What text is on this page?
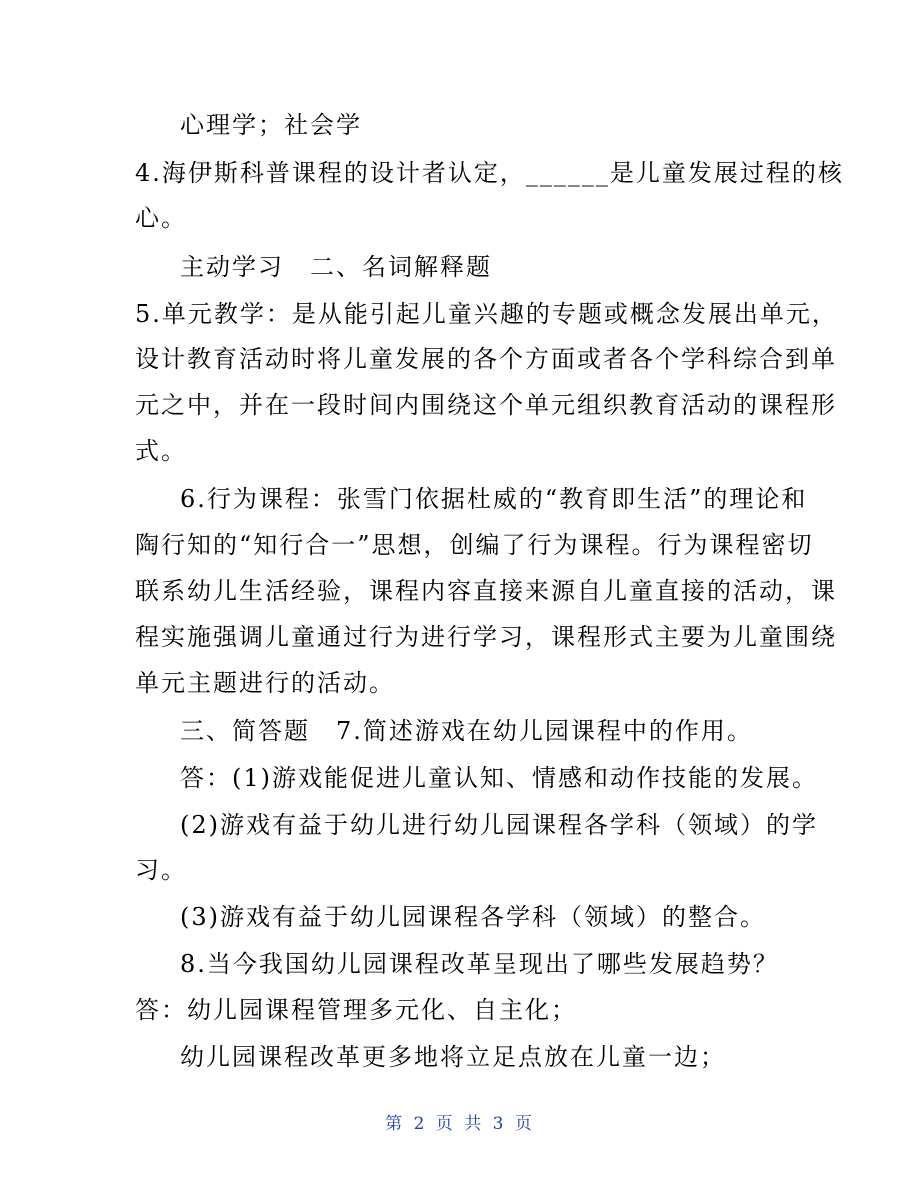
心理学；社会学

4.海伊斯科普课程的设计者认定，______是儿童发展过程的核

心。

主动学习　二、名词解释题

5.单元教学：是从能引起儿童兴趣的专题或概念发展出单元，

设计教育活动时将儿童发展的各个方面或者各个学科综合到单

元之中，并在一段时间内围绕这个单元组织教育活动的课程形

式。

6.行为课程：张雪门依据杜威的“教育即生活”的理论和

陶行知的“知行合一”思想，创编了行为课程。行为课程密切

联系幼儿生活经验，课程内容直接来源自儿童直接的活动，课

程实施强调儿童通过行为进行学习，课程形式主要为儿童围绕

单元主题进行的活动。

三、简答题　7.简述游戏在幼儿园课程中的作用。

答：(1)游戏能促进儿童认知、情感和动作技能的发展。

(2)游戏有益于幼儿进行幼儿园课程各学科（领域）的学

习。

(3)游戏有益于幼儿园课程各学科（领域）的整合。

8.当今我国幼儿园课程改革呈现出了哪些发展趋势？

答：幼儿园课程管理多元化、自主化；

幼儿园课程改革更多地将立足点放在儿童一边；

第 2 页 共 3 页
